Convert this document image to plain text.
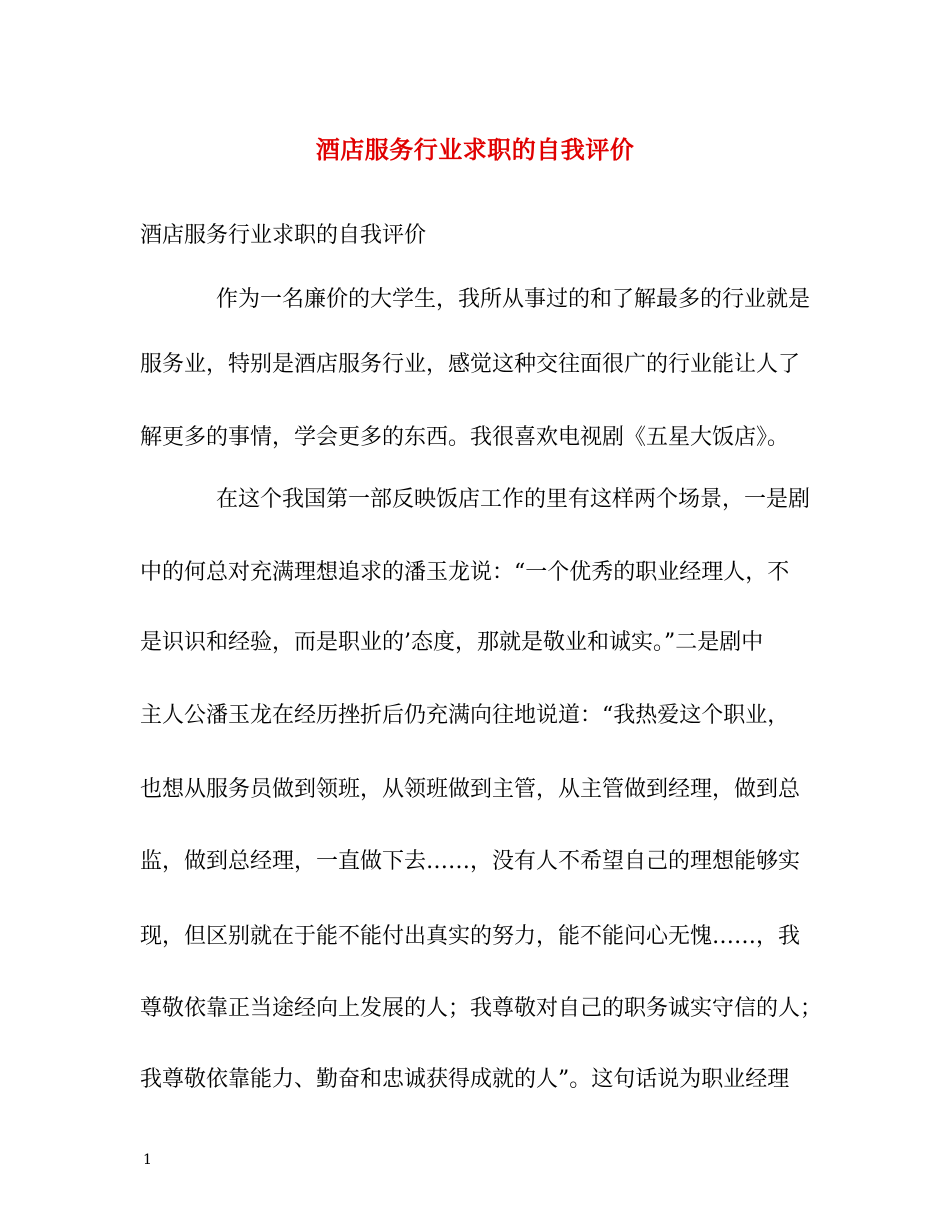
酒店服务行业求职的自我评价
酒店服务行业求职的自我评价
作为一名廉价的大学生，我所从事过的和了解最多的行业就是
服务业，特别是酒店服务行业，感觉这种交往面很广的行业能让人了
解更多的事情，学会更多的东西。我很喜欢电视剧《五星大饭店》。
在这个我国第一部反映饭店工作的里有这样两个场景，一是剧
中的何总对充满理想追求的潘玉龙说：“一个优秀的职业经理人，不
是识识和经验，而是职业的’态度，那就是敬业和诚实。”二是剧中
主人公潘玉龙在经历挫折后仍充满向往地说道：“我热爱这个职业，
也想从服务员做到领班，从领班做到主管，从主管做到经理，做到总
监，做到总经理，一直做下去……，没有人不希望自己的理想能够实
现，但区别就在于能不能付出真实的努力，能不能问心无愧……，我
尊敬依靠正当途经向上发展的人；我尊敬对自己的职务诚实守信的人；
我尊敬依靠能力、勤奋和忠诚获得成就的人”。这句话说为职业经理
1
